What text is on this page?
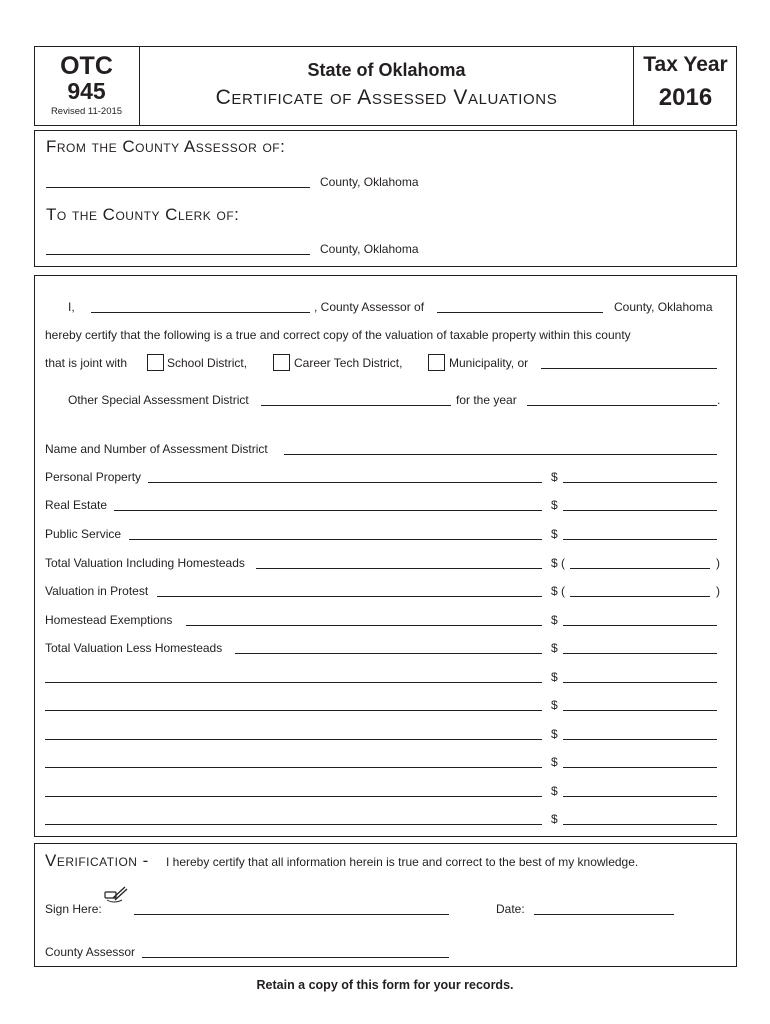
OTC
945
Revised 11-2015
State of Oklahoma
Certificate of Assessed Valuations
Tax Year
2016
From the County Assessor of:
County, Oklahoma
To the County Clerk of:
County, Oklahoma
I,	, County Assessor of	County, Oklahoma
hereby certify that the following is a true and correct copy of the valuation of taxable property within this county
that is joint with	School District,	Career Tech District,	Municipality, or
Other Special Assessment District	for the year	.
Name and Number of Assessment District
Personal Property	$
Real Estate	$
Public Service	$
Total Valuation Including Homesteads	$ (	)
Valuation in Protest	$ (	)
Homestead Exemptions	$
Total Valuation Less Homesteads	$
$
$
$
$
$
$
Verification - I hereby certify that all information herein is true and correct to the best of my knowledge.
Sign Here:	Date:
County Assessor
Retain a copy of this form for your records.
